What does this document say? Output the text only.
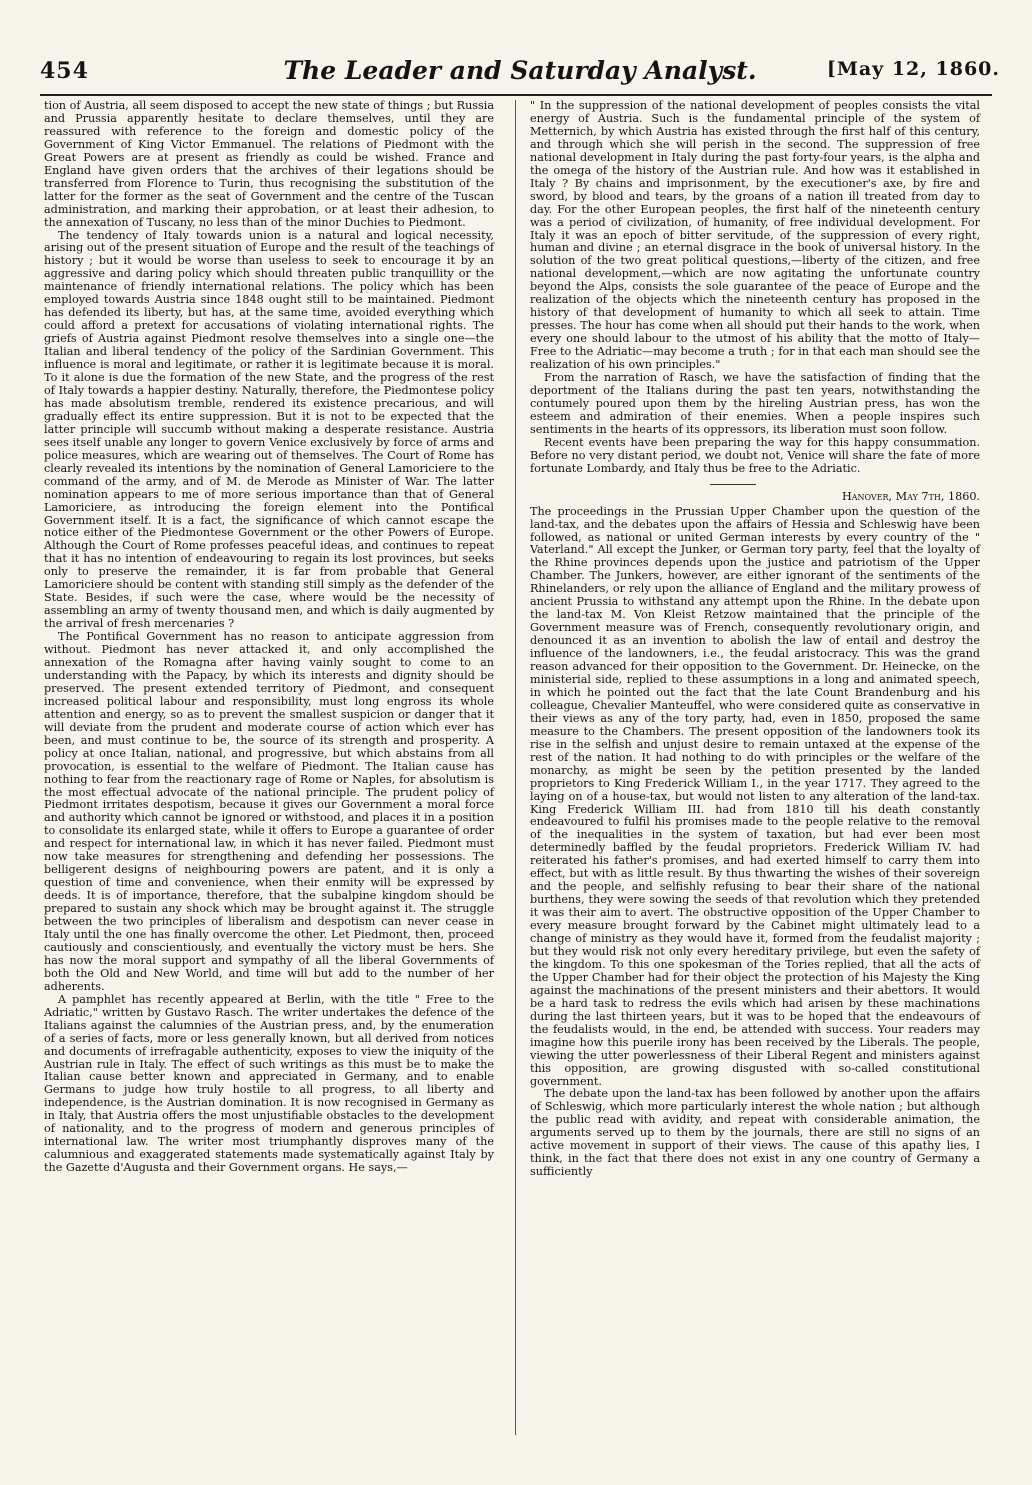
454	The Leader and Saturday Analyst.	[May 12, 1860.

tion of Austria, all seem disposed to accept the new state of things ; but Russia and Prussia apparently hesitate to declare themselves, until they are reassured with reference to the foreign and domestic policy of the Government of King Victor Emmanuel. The relations of Piedmont with the Great Powers are at present as friendly as could be wished. France and England have given orders that the archives of their legations should be transferred from Florence to Turin, thus recognising the substitution of the latter for the former as the seat of Government and the centre of the Tuscan administration, and marking their approbation, or at least their adhesion, to the annexation of Tuscany, no less than of the minor Duchies to Piedmont.

The tendency of Italy towards union is a natural and logical necessity, arising out of the present situation of Europe and the result of the teachings of history ; but it would be worse than useless to seek to encourage it by an aggressive and daring policy which should threaten public tranquillity or the maintenance of friendly international relations. The policy which has been employed towards Austria since 1848 ought still to be maintained. Piedmont has defended its liberty, but has, at the same time, avoided everything which could afford a pretext for accusations of violating international rights. The griefs of Austria against Piedmont resolve themselves into a single one—the Italian and liberal tendency of the policy of the Sardinian Government. This influence is moral and legitimate, or rather it is legitimate because it is moral. To it alone is due the formation of the new State, and the progress of the rest of Italy towards a happier destiny. Naturally, therefore, the Piedmontese policy has made absolutism tremble, rendered its existence precarious, and will gradually effect its entire suppression. But it is not to be expected that the latter principle will succumb without making a desperate resistance. Austria sees itself unable any longer to govern Venice exclusively by force of arms and police measures, which are wearing out of themselves. The Court of Rome has clearly revealed its intentions by the nomination of General Lamoriciere to the command of the army, and of M. de Merode as Minister of War. The latter nomination appears to me of more serious importance than that of General Lamoriciere, as introducing the foreign element into the Pontifical Government itself. It is a fact, the significance of which cannot escape the notice either of the Piedmontese Government or the other Powers of Europe. Although the Court of Rome professes peaceful ideas, and continues to repeat that it has no intention of endeavouring to regain its lost provinces, but seeks only to preserve the remainder, it is far from probable that General Lamoriciere should be content with standing still simply as the defender of the State. Besides, if such were the case, where would be the necessity of assembling an army of twenty thousand men, and which is daily augmented by the arrival of fresh mercenaries ?

The Pontifical Government has no reason to anticipate aggression from without. Piedmont has never attacked it, and only accomplished the annexation of the Romagna after having vainly sought to come to an understanding with the Papacy, by which its interests and dignity should be preserved. The present extended territory of Piedmont, and consequent increased political labour and responsibility, must long engross its whole attention and energy, so as to prevent the smallest suspicion or danger that it will deviate from the prudent and moderate course of action which ever has been, and must continue to be, the source of its strength and prosperity. A policy at once Italian, national, and progressive, but which abstains from all provocation, is essential to the welfare of Piedmont. The Italian cause has nothing to fear from the reactionary rage of Rome or Naples, for absolutism is the most effectual advocate of the national principle. The prudent policy of Piedmont irritates despotism, because it gives our Government a moral force and authority which cannot be ignored or withstood, and places it in a position to consolidate its enlarged state, while it offers to Europe a guarantee of order and respect for international law, in which it has never failed. Piedmont must now take measures for strengthening and defending her possessions. The belligerent designs of neighbouring powers are patent, and it is only a question of time and convenience, when their enmity will be expressed by deeds. It is of importance, therefore, that the subalpine kingdom should be prepared to sustain any shock which may be brought against it. The struggle between the two principles of liberalism and despotism can never cease in Italy until the one has finally overcome the other. Let Piedmont, then, proceed cautiously and conscientiously, and eventually the victory must be hers. She has now the moral support and sympathy of all the liberal Governments of both the Old and New World, and time will but add to the number of her adherents.

A pamphlet has recently appeared at Berlin, with the title " Free to the Adriatic," written by Gustavo Rasch. The writer undertakes the defence of the Italians against the calumnies of the Austrian press, and, by the enumeration of a series of facts, more or less generally known, but all derived from notices and documents of irrefragable authenticity, exposes to view the iniquity of the Austrian rule in Italy. The effect of such writings as this must be to make the Italian cause better known and appreciated in Germany, and to enable Germans to judge how truly hostile to all progress, to all liberty and independence, is the Austrian domination. It is now recognised in Germany as in Italy, that Austria offers the most unjustifiable obstacles to the development of nationality, and to the progress of modern and generous principles of international law. The writer most triumphantly disproves many of the calumnious and exaggerated statements made systematically against Italy by the Gazette d'Augusta and their Government organs. He says,—

" In the suppression of the national development of peoples consists the vital energy of Austria. Such is the fundamental principle of the system of Metternich, by which Austria has existed through the first half of this century, and through which she will perish in the second. The suppression of free national development in Italy during the past forty-four years, is the alpha and the omega of the history of the Austrian rule. And how was it established in Italy ? By chains and imprisonment, by the executioner's axe, by fire and sword, by blood and tears, by the groans of a nation ill treated from day to day. For the other European peoples, the first half of the nineteenth century was a period of civilization, of humanity, of free individual development. For Italy it was an epoch of bitter servitude, of the suppression of every right, human and divine ; an eternal disgrace in the book of universal history. In the solution of the two great political questions,—liberty of the citizen, and free national development,—which are now agitating the unfortunate country beyond the Alps, consists the sole guarantee of the peace of Europe and the realization of the objects which the nineteenth century has proposed in the history of that development of humanity to which all seek to attain. Time presses. The hour has come when all should put their hands to the work, when every one should labour to the utmost of his ability that the motto of Italy—Free to the Adriatic—may become a truth ; for in that each man should see the realization of his own principles."

From the narration of Rasch, we have the satisfaction of finding that the deportment of the Italians during the past ten years, notwithstanding the contumely poured upon them by the hireling Austrian press, has won the esteem and admiration of their enemies. When a people inspires such sentiments in the hearts of its oppressors, its liberation must soon follow.

Recent events have been preparing the way for this happy consummation. Before no very distant period, we doubt not, Venice will share the fate of more fortunate Lombardy, and Italy thus be free to the Adriatic.

Hanover, May 7th, 1860.

The proceedings in the Prussian Upper Chamber upon the question of the land-tax, and the debates upon the affairs of Hessia and Schleswig have been followed, as national or united German interests by every country of the " Vaterland." All except the Junker, or German tory party, feel that the loyalty of the Rhine provinces depends upon the justice and patriotism of the Upper Chamber. The Junkers, however, are either ignorant of the sentiments of the Rhinelanders, or rely upon the alliance of England and the military prowess of ancient Prussia to withstand any attempt upon the Rhine. In the debate upon the land-tax M. Von Kleist Retzow maintained that the principle of the Government measure was of French, consequently revolutionary origin, and denounced it as an invention to abolish the law of entail and destroy the influence of the landowners, i.e., the feudal aristocracy. This was the grand reason advanced for their opposition to the Government. Dr. Heinecke, on the ministerial side, replied to these assumptions in a long and animated speech, in which he pointed out the fact that the late Count Brandenburg and his colleague, Chevalier Manteuffel, who were considered quite as conservative in their views as any of the tory party, had, even in 1850, proposed the same measure to the Chambers. The present opposition of the landowners took its rise in the selfish and unjust desire to remain untaxed at the expense of the rest of the nation. It had nothing to do with principles or the welfare of the monarchy, as might be seen by the petition presented by the landed proprietors to King Frederick William I., in the year 1717. They agreed to the laying on of a house-tax, but would not listen to any alteration of the land-tax. King Frederick William III. had from 1810 till his death constantly endeavoured to fulfil his promises made to the people relative to the removal of the inequalities in the system of taxation, but had ever been most determinedly baffled by the feudal proprietors. Frederick William IV. had reiterated his father's promises, and had exerted himself to carry them into effect, but with as little result. By thus thwarting the wishes of their sovereign and the people, and selfishly refusing to bear their share of the national burthens, they were sowing the seeds of that revolution which they pretended it was their aim to avert. The obstructive opposition of the Upper Chamber to every measure brought forward by the Cabinet might ultimately lead to a change of ministry as they would have it, formed from the feudalist majority ; but they would risk not only every hereditary privilege, but even the safety of the kingdom. To this one spokesman of the Tories replied, that all the acts of the Upper Chamber had for their object the protection of his Majesty the King against the machinations of the present ministers and their abettors. It would be a hard task to redress the evils which had arisen by these machinations during the last thirteen years, but it was to be hoped that the endeavours of the feudalists would, in the end, be attended with success. Your readers may imagine how this puerile irony has been received by the Liberals. The people, viewing the utter powerlessness of their Liberal Regent and ministers against this opposition, are growing disgusted with so-called constitutional government.

The debate upon the land-tax has been followed by another upon the affairs of Schleswig, which more particularly interest the whole nation ; but although the public read with avidity, and repeat with considerable animation, the arguments served up to them by the journals, there are still no signs of an active movement in support of their views. The cause of this apathy lies, I think, in the fact that there does not exist in any one country of Germany a sufficiently
